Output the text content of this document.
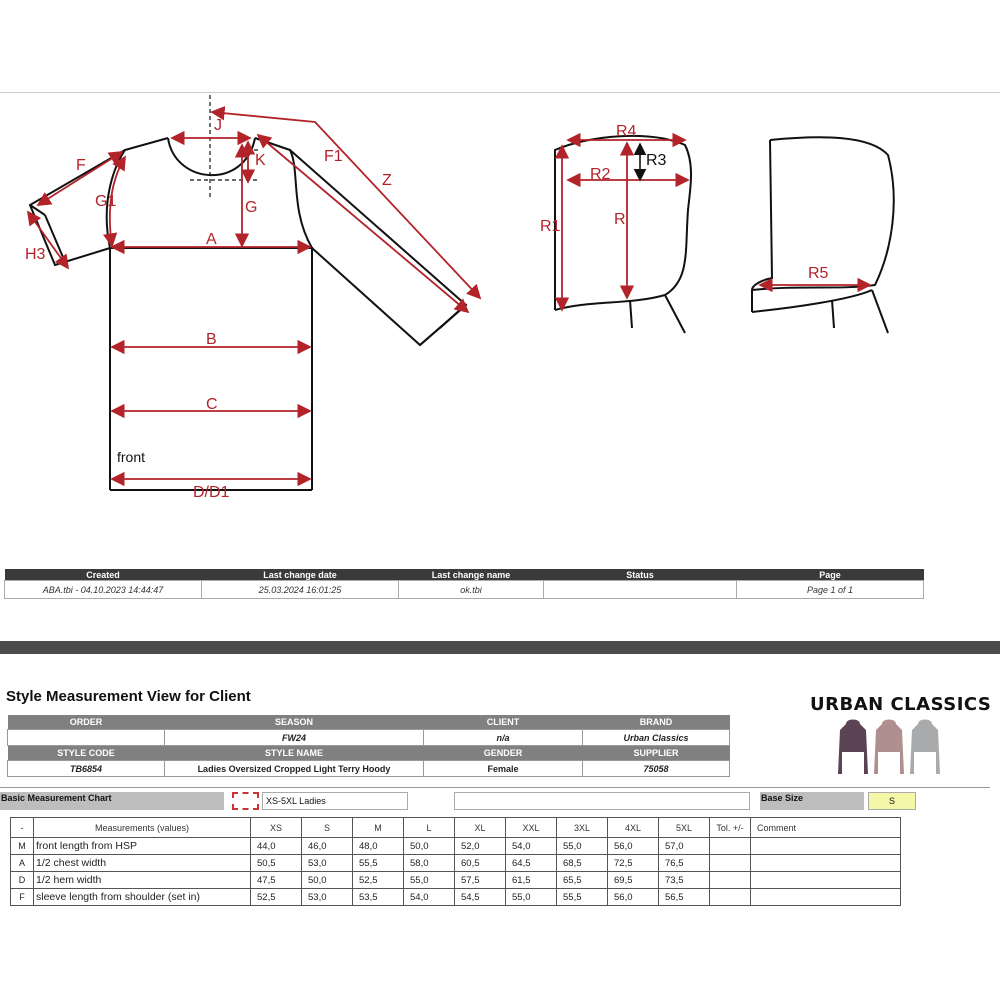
J
K
F
F1
Z
G1	G
H3
A
B
C
D/D1
front
R4
R3
R2
R1	R
R5
Created	Last change date	Last change name	Status	Page
ABA.tbi - 04.10.2023 14:44:47	25.03.2024 16:01:25	ok.tbi		Page 1 of 1
Style Measurement View for Client	URBAN CLASSICS
ORDER	SEASON	CLIENT	BRAND
	FW24	n/a	Urban Classics
STYLE CODE	STYLE NAME	GENDER	SUPPLIER
TB6854	Ladies Oversized Cropped Light Terry Hoody	Female	75058
Basic Measurement Chart	XS-5XL Ladies	Base Size	S
-	Measurements (values)	XS	S	M	L	XL	XXL	3XL	4XL	5XL	Tol. +/-	Comment
M	front length from HSP	44,0	46,0	48,0	50,0	52,0	54,0	55,0	56,0	57,0		
A	1/2 chest width	50,5	53,0	55,5	58,0	60,5	64,5	68,5	72,5	76,5		
D	1/2 hem width	47,5	50,0	52,5	55,0	57,5	61,5	65,5	69,5	73,5		
F	sleeve length from shoulder (set in)	52,5	53,0	53,5	54,0	54,5	55,0	55,5	56,0	56,5		
